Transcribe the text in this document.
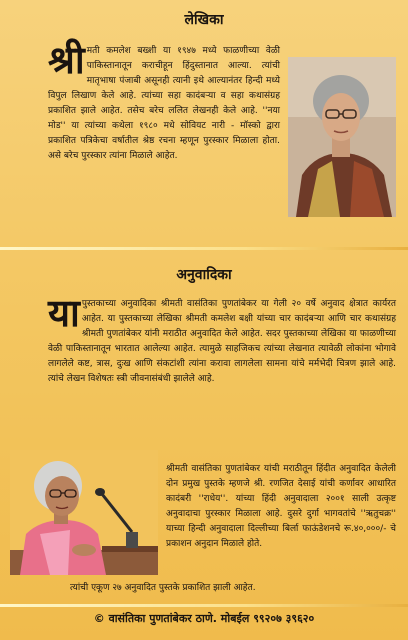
लेखिका

श्री मती कमलेश बख्शी या १९४७ मध्ये फाळणीच्या वेळी पाकिस्तानातून कराचीहून हिंदुस्तानात आल्या. त्यांची मातृभाषा पंजाबी असूनही त्यानी इथे आल्यानंतर हिन्दी मध्ये विपुल लिखाण केले आहे. त्यांच्या सहा कादंबऱ्या व सहा कथासंग्रह प्रकाशित झाले आहेत. तसेच बरेच ललित लेखनही केले आहे. ''नया मोड'' या त्यांच्या कथेला १९८० मधे सोवियट नारी - मॉस्को द्वारा प्रकाशित पत्रिकेचा वर्षातील श्रेष्ठ रचना म्हणून पुरस्कार मिळाला होता. असे बरेच पुरस्कार त्यांना मिळाले आहेत.

अनुवादिका

यापुस्तकाच्या अनुवादिका श्रीमती वासंतिका पुणतांबेकर या गेली २० वर्षे अनुवाद क्षेत्रात कार्यरत आहेत. या पुस्तकाच्या लेखिका श्रीमती कमलेश बक्षी यांच्या चार कादंबऱ्या आणि चार कथासंग्रह श्रीमती पुणतांबेकर यांनी मराठीत अनुवादित केले आहेत. सदर पुस्तकाच्या लेखिका या फाळणीच्या वेळी पाकिस्तानातून भारतात आलेल्या आहेत. त्यामुळे साहजिकच त्यांच्या लेखनात त्यावेळी लोकांना भोगावे लागलेले कष्ट, त्रास, दुःख आणि संकटांशी त्यांना करावा लागलेला सामना यांचे मर्मभेदी चित्रण झाले आहे. त्यांचे लेखन विशेषतः स्त्री जीवनासंबंधी झालेले आहे.

श्रीमती वासंतिका पुणतांबेकर यांची मराठीतून हिंदीत अनुवादित केलेली दोन प्रमुख पुस्तके म्हणजे श्री. रणजित देसाई यांची कर्णावर आधारित कादंबरी ''राधेय''. यांच्या हिंदी अनुवादाला २००१ साली उत्कृष्ट अनुवादाचा पुरस्कार मिळाला आहे. दुसरे दुर्गा भागवतांचे ''ऋतुचक्र'' याच्या हिन्दी अनुवादाला दिल्लीच्या बिर्ला फाऊंडेशनचे रू.४०,०००/- चे प्रकाशन अनुदान मिळाले होते.

त्यांची एकूण २७ अनुवादित पुस्तके प्रकाशित झाली आहेत.

© वासंतिका पुणतांबेकर ठाणे. मोबईल ९९२०७ ३९६२०
